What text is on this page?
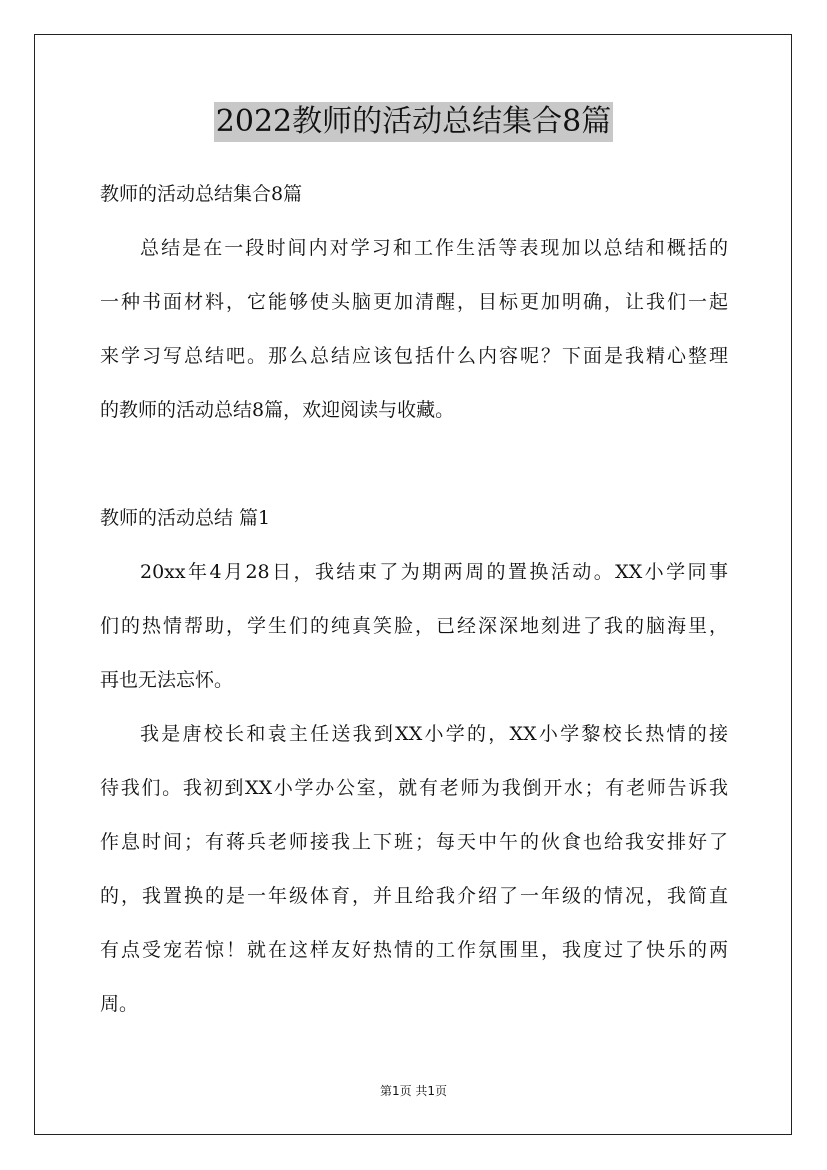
2022教师的活动总结集合8篇
教师的活动总结集合8篇
总结是在一段时间内对学习和工作生活等表现加以总结和概括的
一种书面材料，它能够使头脑更加清醒，目标更加明确，让我们一起
来学习写总结吧。那么总结应该包括什么内容呢？下面是我精心整理
的教师的活动总结8篇，欢迎阅读与收藏。
教师的活动总结 篇1
20xx年4月28日，我结束了为期两周的置换活动。XX小学同事
们的热情帮助，学生们的纯真笑脸，已经深深地刻进了我的脑海里，
再也无法忘怀。
我是唐校长和袁主任送我到XX小学的，XX小学黎校长热情的接
待我们。我初到XX小学办公室，就有老师为我倒开水；有老师告诉我
作息时间；有蒋兵老师接我上下班；每天中午的伙食也给我安排好了
的，我置换的是一年级体育，并且给我介绍了一年级的情况，我简直
有点受宠若惊！就在这样友好热情的工作氛围里，我度过了快乐的两
周。
第1页 共1页
